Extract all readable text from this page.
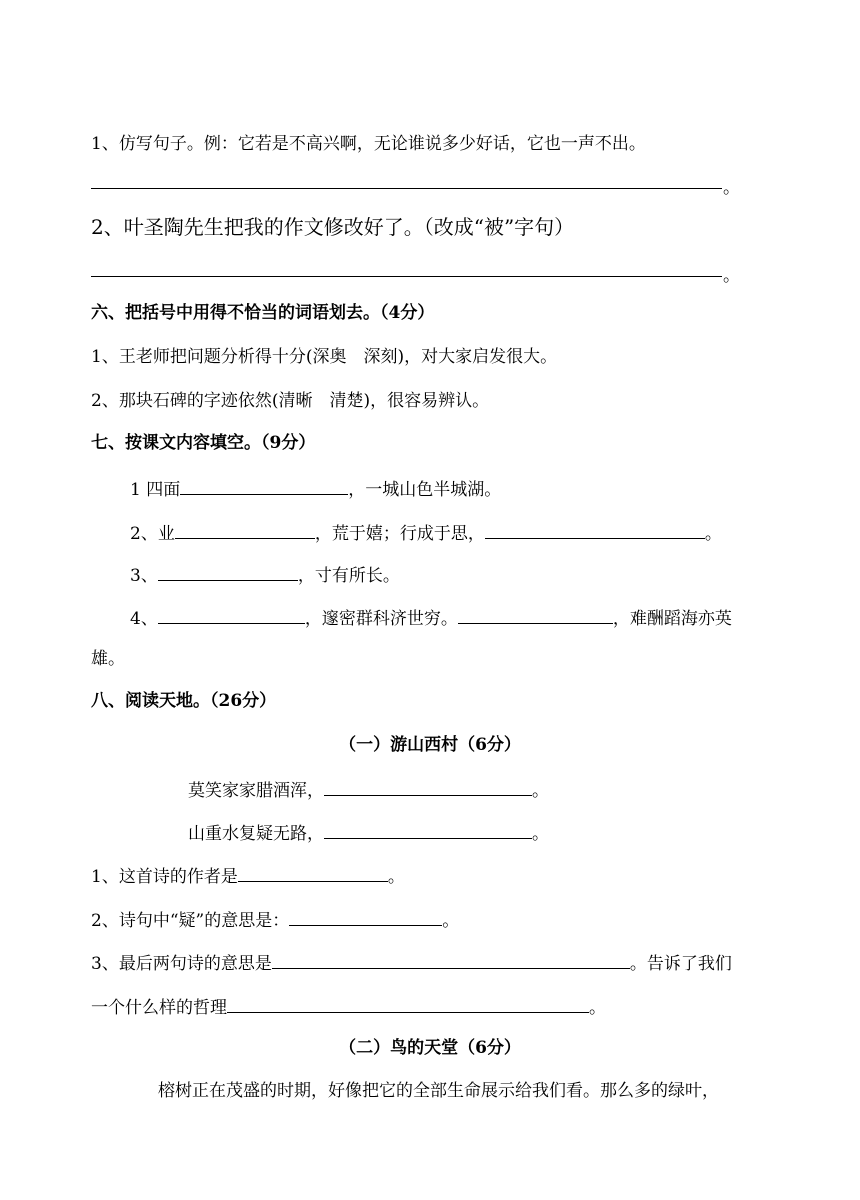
1、仿写句子。例：它若是不高兴啊，无论谁说多少好话，它也一声不出。
。
2、叶圣陶先生把我的作文修改好了。（改成“被”字句）
。
六、把括号中用得不恰当的词语划去。（4分）
1、王老师把问题分析得十分(深奥　深刻)，对大家启发很大。
2、那块石碑的字迹依然(清晰　清楚)，很容易辨认。
七、按课文内容填空。（9分）
1 四面	，一城山色半城湖。
2、业	，荒于嬉；行成于思，	。
3、	，寸有所长。
4、	，邃密群科济世穷。	，难酬蹈海亦英
雄。
八、阅读天地。（26分）
（一）游山西村（6分）
莫笑家家腊酒浑，	。
山重水复疑无路，	。
1、这首诗的作者是	。
2、诗句中“疑”的意思是：	。
3、最后两句诗的意思是	。告诉了我们
一个什么样的哲理	。
（二）鸟的天堂（6分）
榕树正在茂盛的时期，好像把它的全部生命展示给我们看。那么多的绿叶，
